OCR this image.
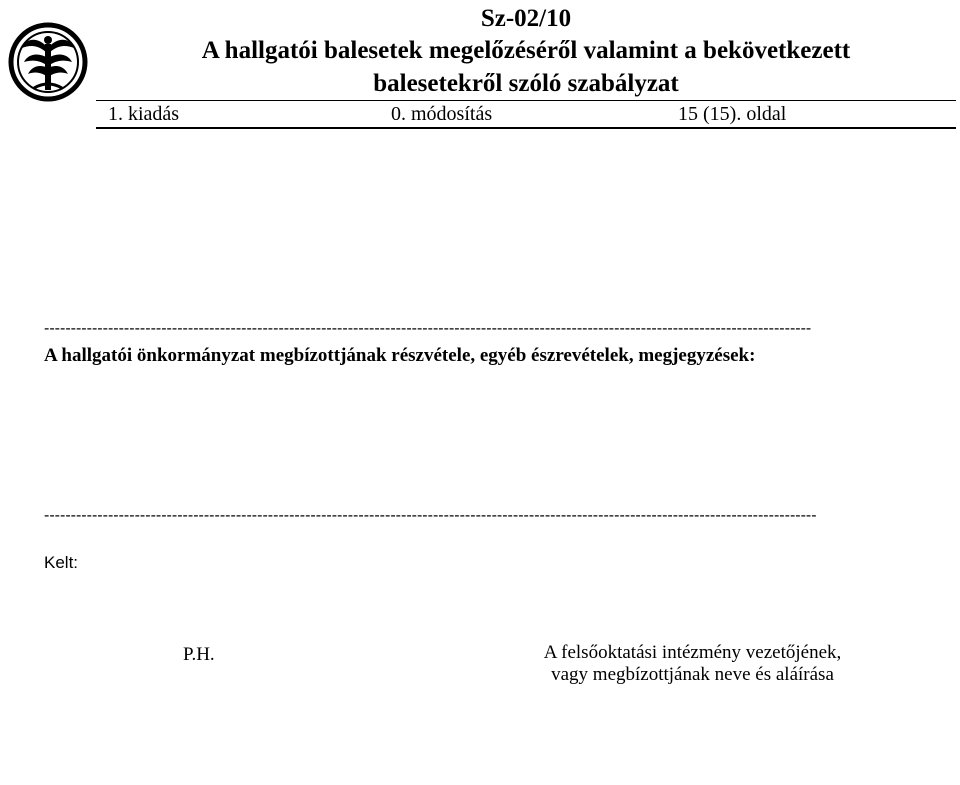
Sz-02/10
A hallgatói balesetek megelőzéséről valamint a bekövetkezett
balesetekről szóló szabályzat
1. kiadás	0. módosítás	15 (15). oldal
------------------------------------------------------------------------------------------------------------------------------------------------
A hallgatói önkormányzat megbízottjának részvétele, egyéb észrevételek, megjegyzések:
-------------------------------------------------------------------------------------------------------------------------------------------------
Kelt:
P.H.	A felsőoktatási intézmény vezetőjének,
vagy megbízottjának neve és aláírása
